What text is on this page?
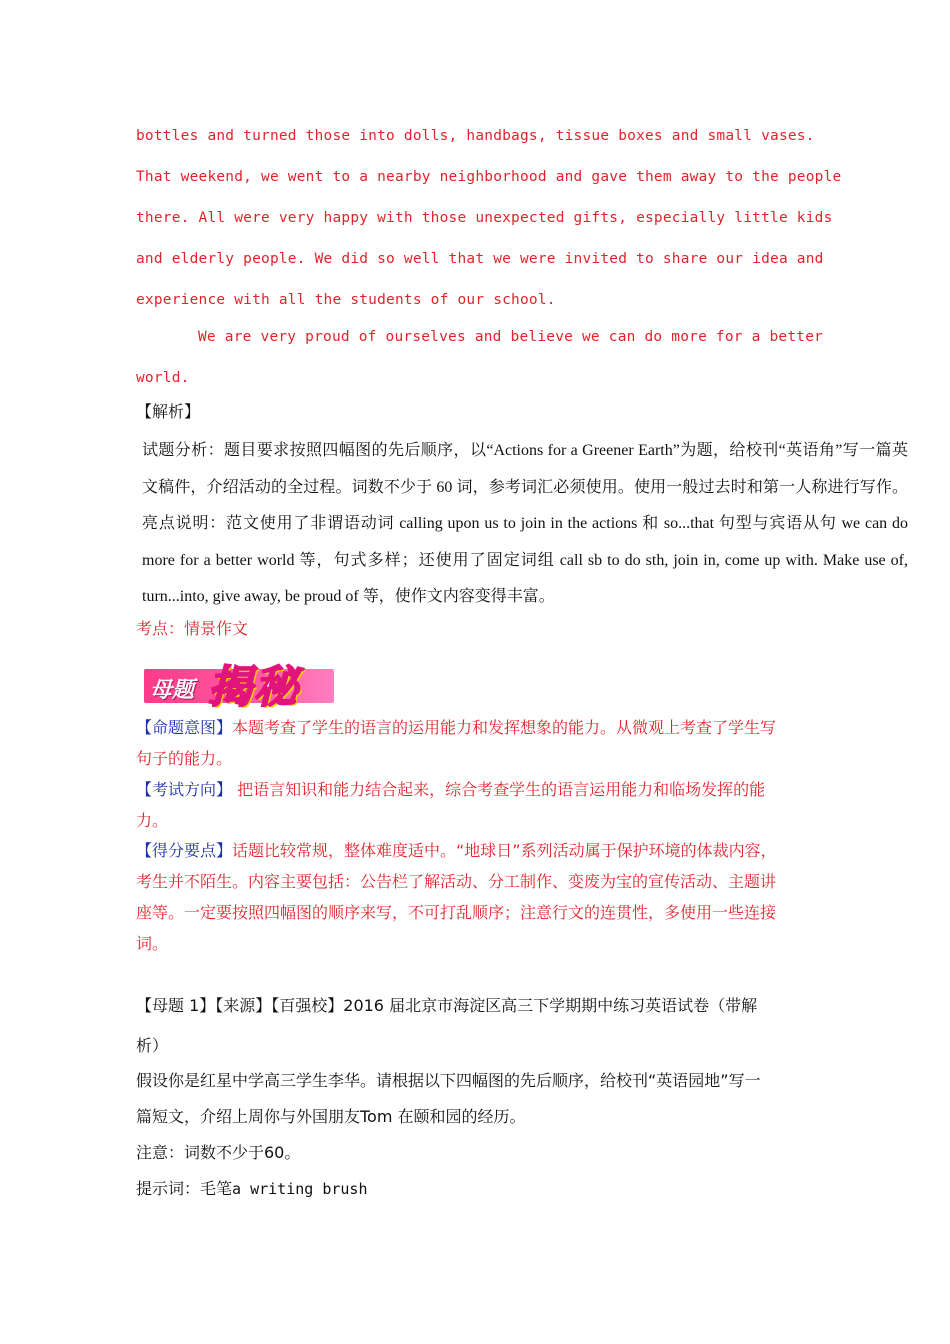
bottles and turned those into dolls, handbags, tissue boxes and small vases.
That weekend, we went to a nearby neighborhood and gave them away to the people
there. All were very happy with those unexpected gifts, especially little kids
and elderly people. We did so well that we were invited to share our idea and
experience with all the students of our school.
We are very proud of ourselves and believe we can do more for a better
world.
【解析】
试题分析：题目要求按照四幅图的先后顺序，以“Actions for a Greener Earth”为题，给校刊“英语角”写一篇英
文稿件，介绍活动的全过程。词数不少于 60 词，参考词汇必须使用。使用一般过去时和第一人称进行写作。
亮点说明：范文使用了非谓语动词 calling upon us to join in the actions 和 so...that 句型与宾语从句 we can do
more for a better world 等，句式多样；还使用了固定词组 call sb to do sth, join in, come up with. Make use of,
turn...into, give away, be proud of 等，使作文内容变得丰富。
考点：情景作文
母题 揭秘
【命题意图】本题考查了学生的语言的运用能力和发挥想象的能力。从微观上考查了学生写
句子的能力。
【考试方向】 把语言知识和能力结合起来，综合考查学生的语言运用能力和临场发挥的能
力。
【得分要点】话题比较常规，整体难度适中。“地球日”系列活动属于保护环境的体裁内容，
考生并不陌生。内容主要包括：公告栏了解活动、分工制作、变废为宝的宣传活动、主题讲
座等。一定要按照四幅图的顺序来写，不可打乱顺序；注意行文的连贯性，多使用一些连接
词。
【母题 1】【来源】【百强校】2016 届北京市海淀区高三下学期期中练习英语试卷（带解
析）
假设你是红星中学高三学生李华。请根据以下四幅图的先后顺序，给校刊“英语园地”写一
篇短文，介绍上周你与外国朋友Tom 在颐和园的经历。
注意：词数不少于60。
提示词：毛笔a writing brush
